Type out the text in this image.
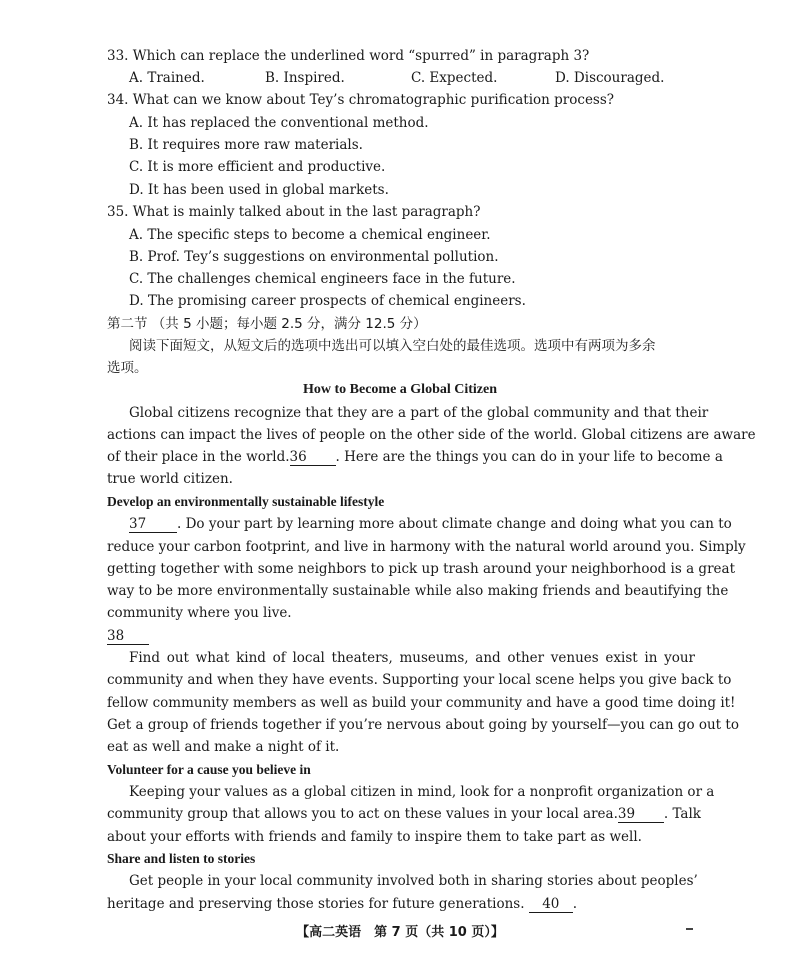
33. Which can replace the underlined word “spurred” in paragraph 3?
A. Trained.	B. Inspired.	C. Expected.	D. Discouraged.
34. What can we know about Tey’s chromatographic purification process?
A. It has replaced the conventional method.
B. It requires more raw materials.
C. It is more efficient and productive.
D. It has been used in global markets.
35. What is mainly talked about in the last paragraph?
A. The specific steps to become a chemical engineer.
B. Prof. Tey’s suggestions on environmental pollution.
C. The challenges chemical engineers face in the future.
D. The promising career prospects of chemical engineers.
第二节 （共 5 小题；每小题 2.5 分，满分 12.5 分）
阅读下面短文，从短文后的选项中选出可以填入空白处的最佳选项。选项中有两项为多余
选项。
How to Become a Global Citizen
Global citizens recognize that they are a part of the global community and that their
actions can impact the lives of people on the other side of the world. Global citizens are aware
of their place in the world.36 . Here are the things you can do in your life to become a
true world citizen.
Develop an environmentally sustainable lifestyle
37 . Do your part by learning more about climate change and doing what you can to
reduce your carbon footprint, and live in harmony with the natural world around you. Simply
getting together with some neighbors to pick up trash around your neighborhood is a great
way to be more environmentally sustainable while also making friends and beautifying the
community where you live.
38
Find out what kind of local theaters, museums, and other venues exist in your
community and when they have events. Supporting your local scene helps you give back to
fellow community members as well as build your community and have a good time doing it!
Get a group of friends together if you’re nervous about going by yourself—you can go out to
eat as well and make a night of it.
Volunteer for a cause you believe in
Keeping your values as a global citizen in mind, look for a nonprofit organization or a
community group that allows you to act on these values in your local area.39 . Talk
about your efforts with friends and family to inspire them to take part as well.
Share and listen to stories
Get people in your local community involved both in sharing stories about peoples’
heritage and preserving those stories for future generations. 40 .
【高二英语　第 7 页（共 10 页）】
